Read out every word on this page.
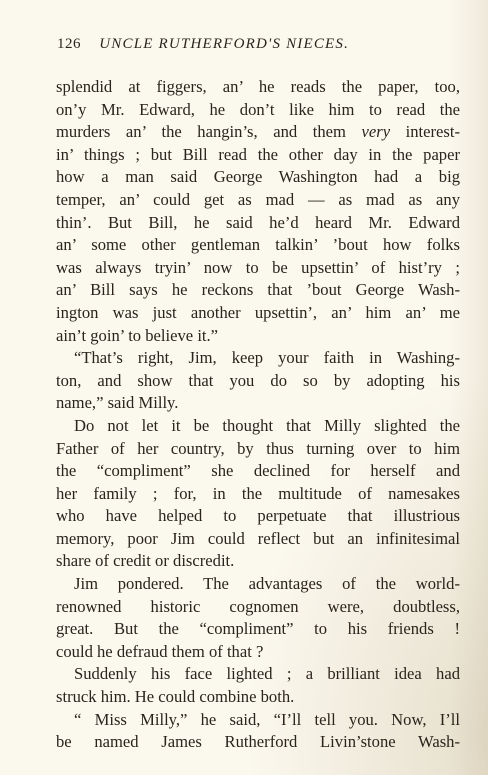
126 UNCLE RUTHERFORD'S NIECES.
splendid at figgers, an’ he reads the paper, too,
on’y Mr. Edward, he don’t like him to read the
murders an’ the hangin’s, and them very interest-
in’ things ; but Bill read the other day in the paper
how a man said George Washington had a big
temper, an’ could get as mad — as mad as any
thin’. But Bill, he said he’d heard Mr. Edward
an’ some other gentleman talkin’ ’bout how folks
was always tryin’ now to be upsettin’ of hist’ry ;
an’ Bill says he reckons that ’bout George Wash-
ington was just another upsettin’, an’ him an’ me
ain’t goin’ to believe it.”
“That’s right, Jim, keep your faith in Washing-
ton, and show that you do so by adopting his
name,” said Milly.
Do not let it be thought that Milly slighted the
Father of her country, by thus turning over to him
the “compliment” she declined for herself and
her family ; for, in the multitude of namesakes
who have helped to perpetuate that illustrious
memory, poor Jim could reflect but an infinitesimal
share of credit or discredit.
Jim pondered. The advantages of the world-
renowned historic cognomen were, doubtless,
great. But the “compliment” to his friends !
could he defraud them of that ?
Suddenly his face lighted ; a brilliant idea had
struck him. He could combine both.
“ Miss Milly,” he said, “I’ll tell you. Now, I’ll
be named James Rutherford Livin’stone Wash-
